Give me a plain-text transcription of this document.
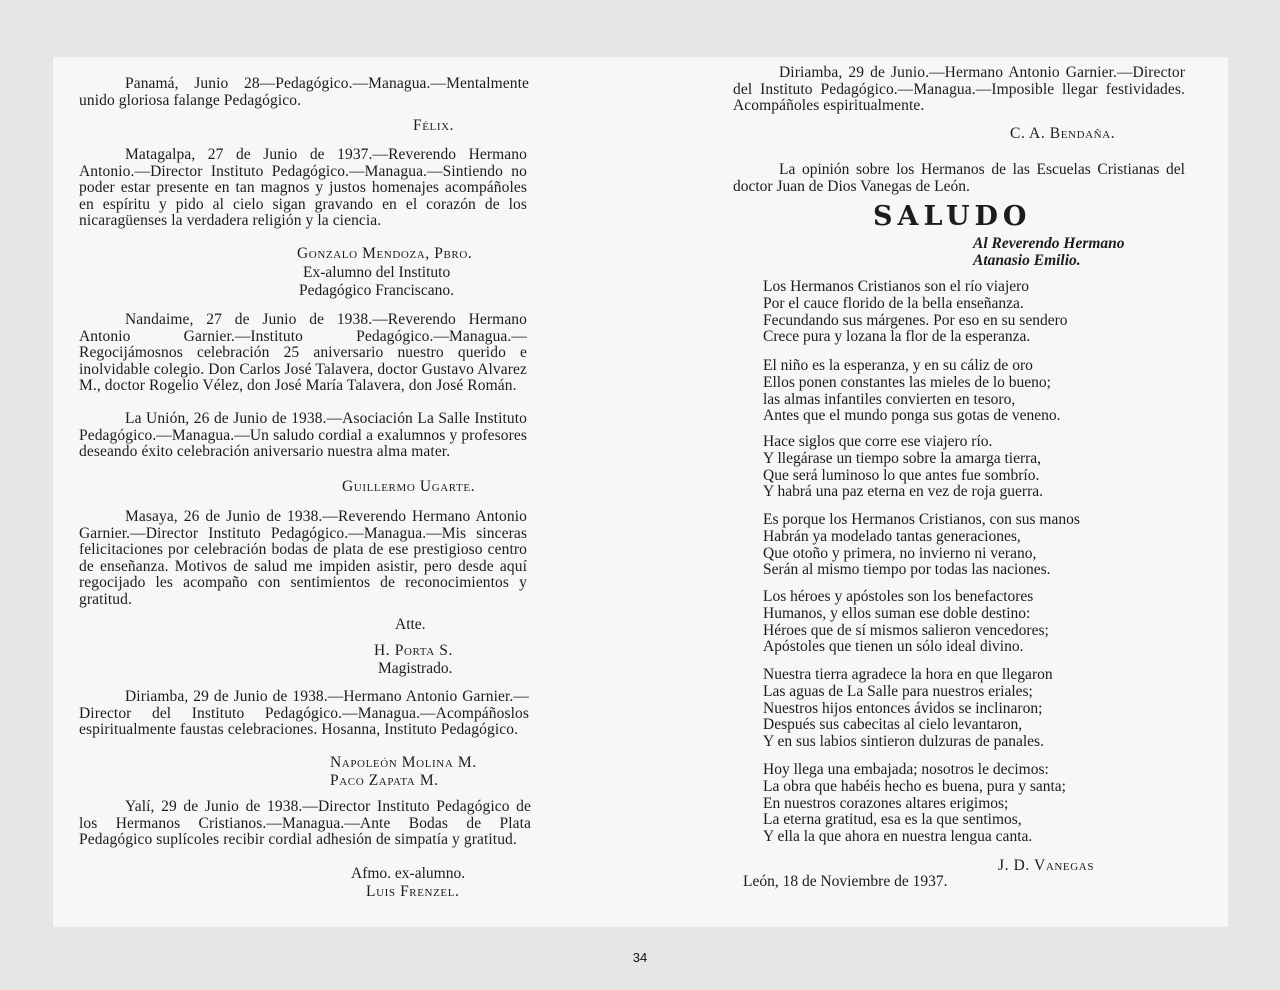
Panamá, Junio 28—Pedagógico.—Managua.—Mentalmente unido gloriosa falange Pedagógico.

Félix.

Matagalpa, 27 de Junio de 1937.—Reverendo Hermano Antonio.—Director Instituto Pedagógico.—Managua.—Sintiendo no poder estar presente en tan magnos y justos homenajes acompáñoles en espíritu y pido al cielo sigan gravando en el corazón de los nicaragüenses la verdadera religión y la ciencia.

Gonzalo Mendoza, Pbro.

Ex-alumno del Instituto

Pedagógico Franciscano.

Nandaime, 27 de Junio de 1938.—Reverendo Hermano Antonio Garnier.—Instituto Pedagógico.—Managua.—Regocijámosnos celebración 25 aniversario nuestro querido e inolvidable colegio. Don Carlos José Talavera, doctor Gustavo Alvarez M., doctor Rogelio Vélez, don José María Talavera, don José Román.

La Unión, 26 de Junio de 1938.—Asociación La Salle Instituto Pedagógico.—Managua.—Un saludo cordial a exalumnos y profesores deseando éxito celebración aniversario nuestra alma mater.

Guillermo Ugarte.

Masaya, 26 de Junio de 1938.—Reverendo Hermano Antonio Garnier.—Director Instituto Pedagógico.—Managua.—Mis sinceras felicitaciones por celebración bodas de plata de ese prestigioso centro de enseñanza. Motivos de salud me impiden asistir, pero desde aquí regocijado les acompaño con sentimientos de reconocimientos y gratitud.

Atte.

H. Porta S.

Magistrado.

Diriamba, 29 de Junio de 1938.—Hermano Antonio Garnier.—Director del Instituto Pedagógico.—Managua.—Acompáñoslos espiritualmente faustas celebraciones. Hosanna, Instituto Pedagógico.

Napoleón Molina M.

Paco Zapata M.

Yalí, 29 de Junio de 1938.—Director Instituto Pedagógico de los Hermanos Cristianos.—Managua.—Ante Bodas de Plata Pedagógico suplícoles recibir cordial adhesión de simpatía y gratitud.

Afmo. ex-alumno.

Luis Frenzel.

Diriamba, 29 de Junio.—Hermano Antonio Garnier.—Director del Instituto Pedagógico.—Managua.—Imposible llegar festividades. Acompáñoles espiritualmente.

C. A. Bendaña.

La opinión sobre los Hermanos de las Escuelas Cristianas del doctor Juan de Dios Vanegas de León.

SALUDO

Al Reverendo Hermano
Atanasio Emilio.
Los Hermanos Cristianos son el río viajero
Por el cauce florido de la bella enseñanza.
Fecundando sus márgenes. Por eso en su sendero
Crece pura y lozana la flor de la esperanza.
El niño es la esperanza, y en su cáliz de oro
Ellos ponen constantes las mieles de lo bueno;
las almas infantiles convierten en tesoro,
Antes que el mundo ponga sus gotas de veneno.
Hace siglos que corre ese viajero río.
Y llegárase un tiempo sobre la amarga tierra,
Que será luminoso lo que antes fue sombrío.
Y habrá una paz eterna en vez de roja guerra.
Es porque los Hermanos Cristianos, con sus manos
Habrán ya modelado tantas generaciones,
Que otoño y primera, no invierno ni verano,
Serán al mismo tiempo por todas las naciones.
Los héroes y apóstoles son los benefactores
Humanos, y ellos suman ese doble destino:
Héroes que de sí mismos salieron vencedores;
Apóstoles que tienen un sólo ideal divino.
Nuestra tierra agradece la hora en que llegaron
Las aguas de La Salle para nuestros eriales;
Nuestros hijos entonces ávidos se inclinaron;
Después sus cabecitas al cielo levantaron,
Y en sus labios sintieron dulzuras de panales.
Hoy llega una embajada; nosotros le decimos:
La obra que habéis hecho es buena, pura y santa;
En nuestros corazones altares erigimos;
La eterna gratitud, esa es la que sentimos,
Y ella la que ahora en nuestra lengua canta.

J. D. Vanegas

León, 18 de Noviembre de 1937.

34
